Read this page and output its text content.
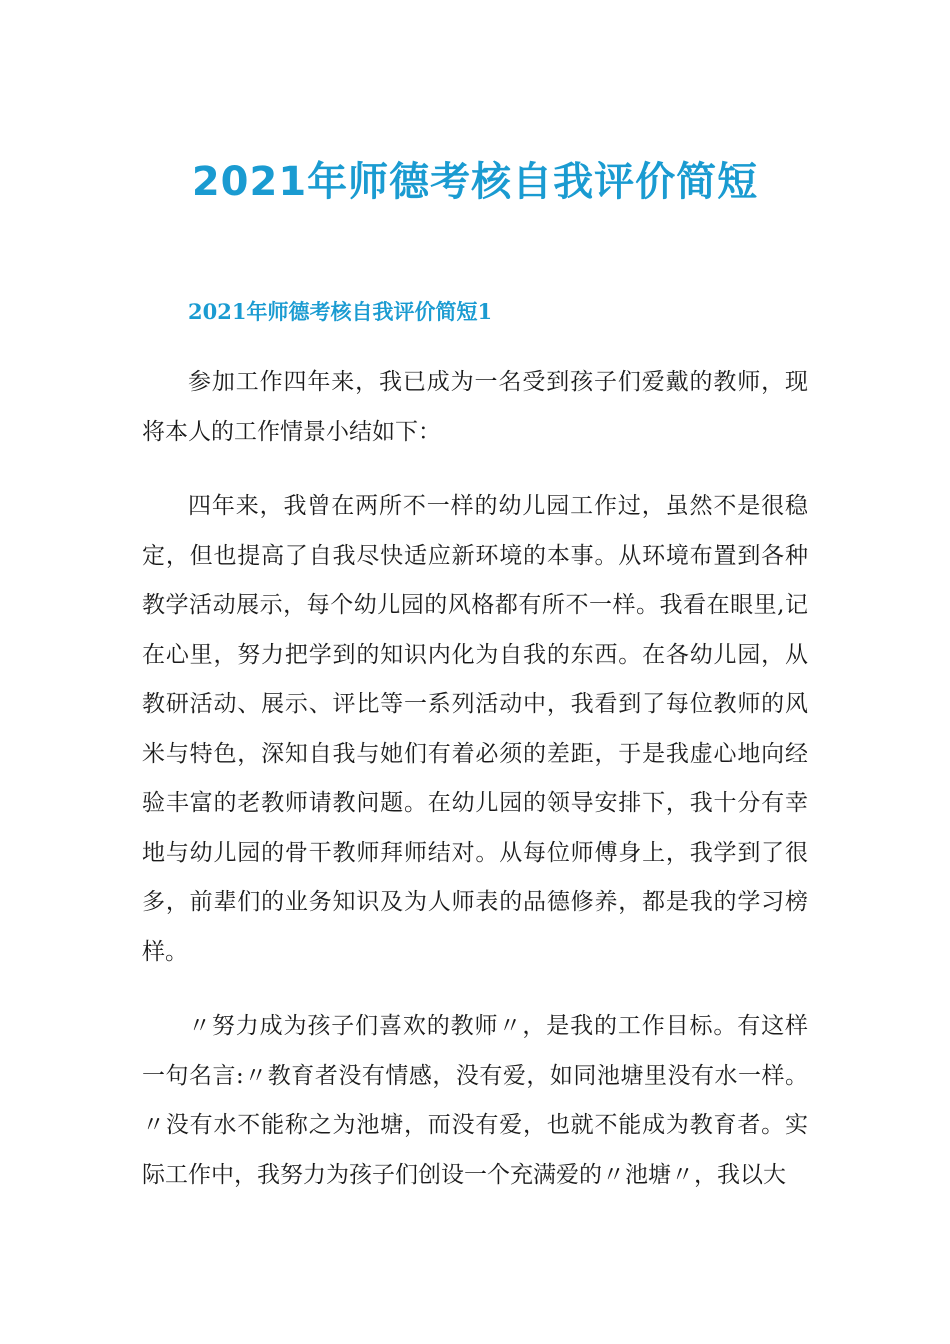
2021年师德考核自我评价简短
2021年师德考核自我评价简短1

参加工作四年来，我已成为一名受到孩子们爱戴的教师，现将本人的工作情景小结如下：

四年来，我曾在两所不一样的幼儿园工作过，虽然不是很稳定，但也提高了自我尽快适应新环境的本事。从环境布置到各种教学活动展示，每个幼儿园的风格都有所不一样。我看在眼里,记在心里，努力把学到的知识内化为自我的东西。在各幼儿园，从教研活动、展示、评比等一系列活动中，我看到了每位教师的风米与特色，深知自我与她们有着必须的差距，于是我虚心地向经验丰富的老教师请教问题。在幼儿园的领导安排下，我十分有幸地与幼儿园的骨干教师拜师结对。从每位师傅身上，我学到了很多，前辈们的业务知识及为人师表的品德修养，都是我的学习榜样。

〃努力成为孩子们喜欢的教师〃，是我的工作目标。有这样一句名言:〃教育者没有情感，没有爱，如同池塘里没有水一样。〃没有水不能称之为池塘，而没有爱，也就不能成为教育者。实际工作中，我努力为孩子们创设一个充满爱的〃池塘〃，我以大
